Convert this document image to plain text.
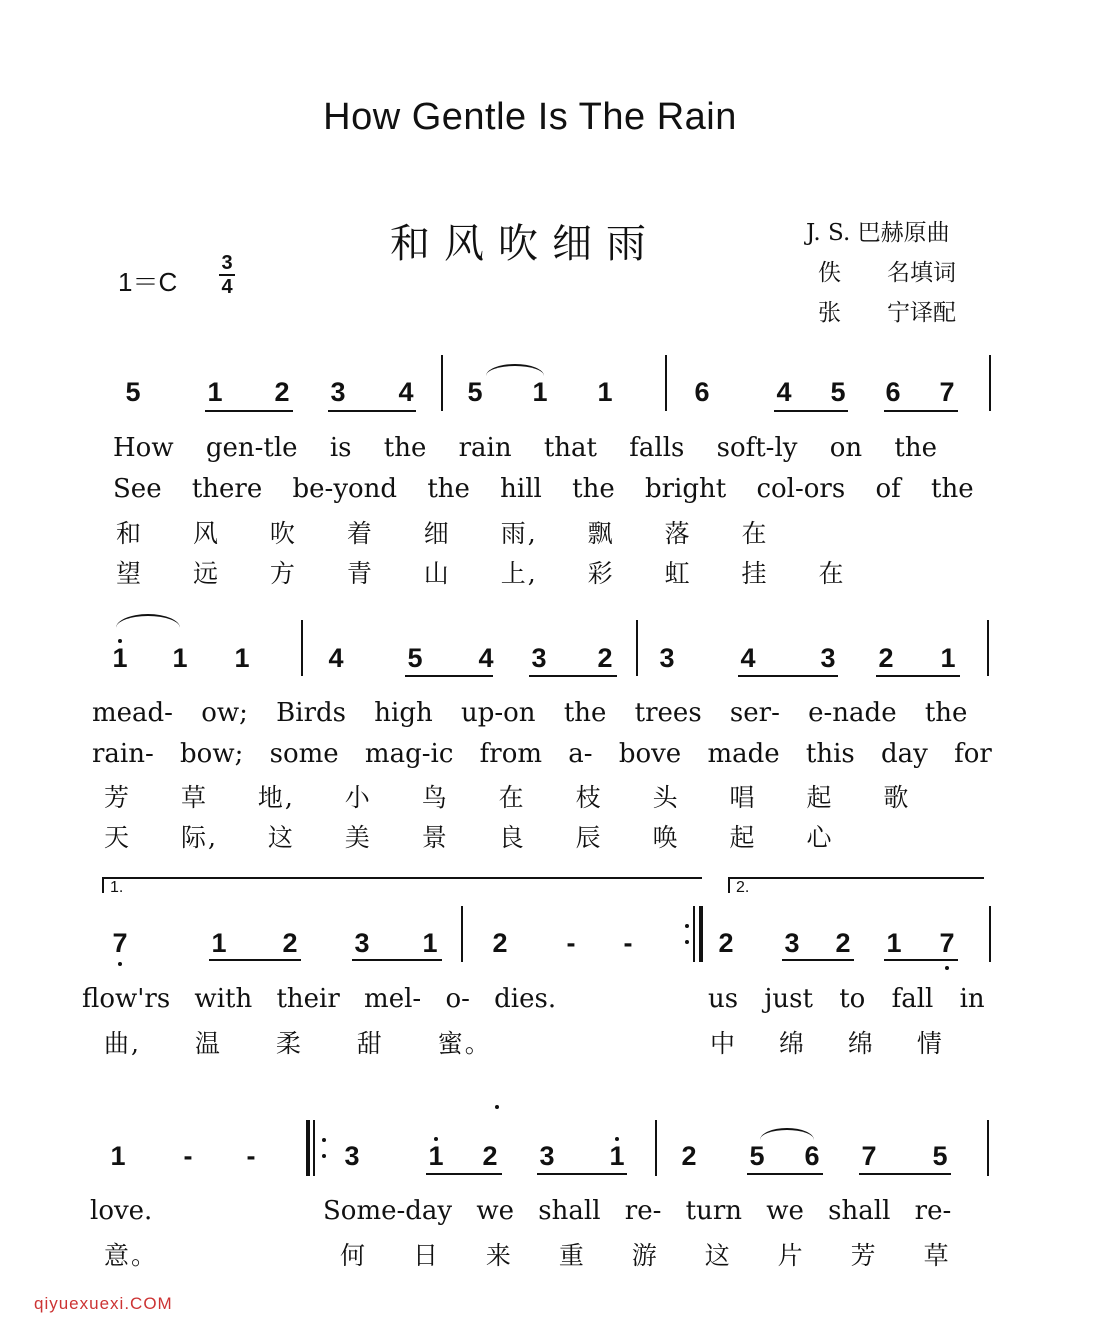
How Gentle Is The Rain
和风吹细雨	J. S. 巴赫原曲
佚　　名填词
张　　宁译配
1＝C
3
4
5 1 2 3 4 5 1 1	6 4 5 6 7
How gen-tle is the rain that falls soft-ly on the
See there be-yond the hill the bright col-ors of the
和 风 吹 着 细 雨, 飘 落 在
望 远 方 青 山 上, 彩 虹 挂 在
1 1 1	4 5 4 3 2 3 4 3 2 1
mead- ow; Birds high up-on the trees ser- e-nade the
rain- bow; some mag-ic from a- bove made this day for
芳 草 地, 小 鸟 在 枝 头 唱 起 歌
天 际, 这 美 景 良 辰 唤 起 心
1.	2.
7	1 2 3 1 2 - -	2 3 2 1 7
flow'rs with their mel- o- dies.	us just to fall in
曲, 温 柔 甜 蜜。	中 绵 绵 情
1 - -	3	1 2 3 1 2 5 6 7 5
love.	Some-day we shall re- turn we shall re-
意。	何 日 来 重 游 这 片 芳 草
qiyuexuexi.COM
